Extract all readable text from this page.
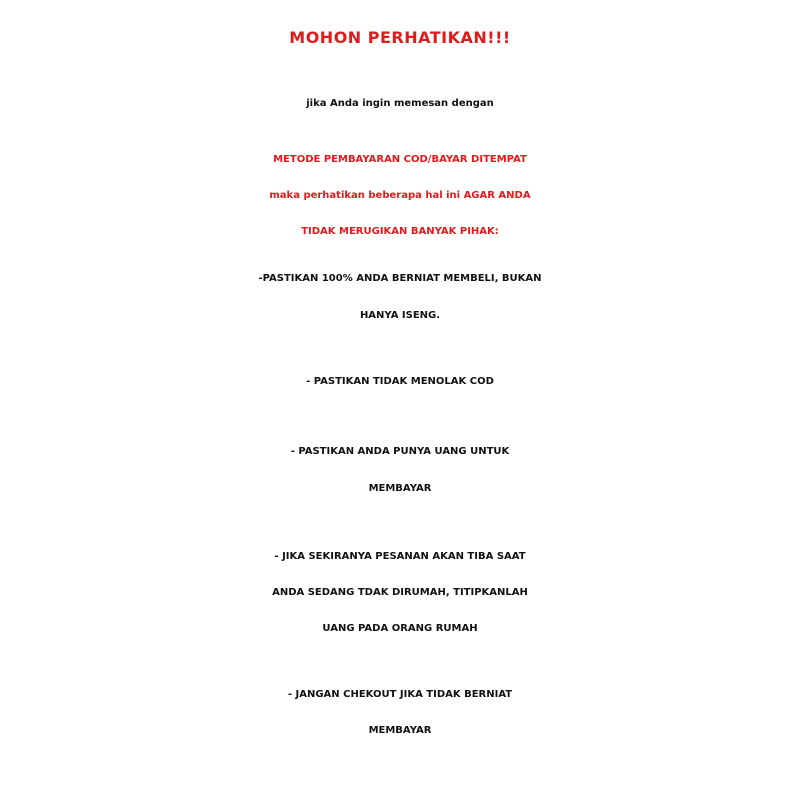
MOHON PERHATIKAN!!!
jika Anda ingin memesan dengan
METODE PEMBAYARAN COD/BAYAR DITEMPAT
maka perhatikan beberapa hal ini AGAR ANDA
TIDAK MERUGIKAN BANYAK PIHAK:
-PASTIKAN 100% ANDA BERNIAT MEMBELI, BUKAN
HANYA ISENG.
- PASTIKAN TIDAK MENOLAK COD
- PASTIKAN ANDA PUNYA UANG UNTUK
MEMBAYAR
- JIKA SEKIRANYA PESANAN AKAN TIBA SAAT
ANDA SEDANG TDAK DIRUMAH, TITIPKANLAH
UANG PADA ORANG RUMAH
- JANGAN CHEKOUT JIKA TIDAK BERNIAT
MEMBAYAR
